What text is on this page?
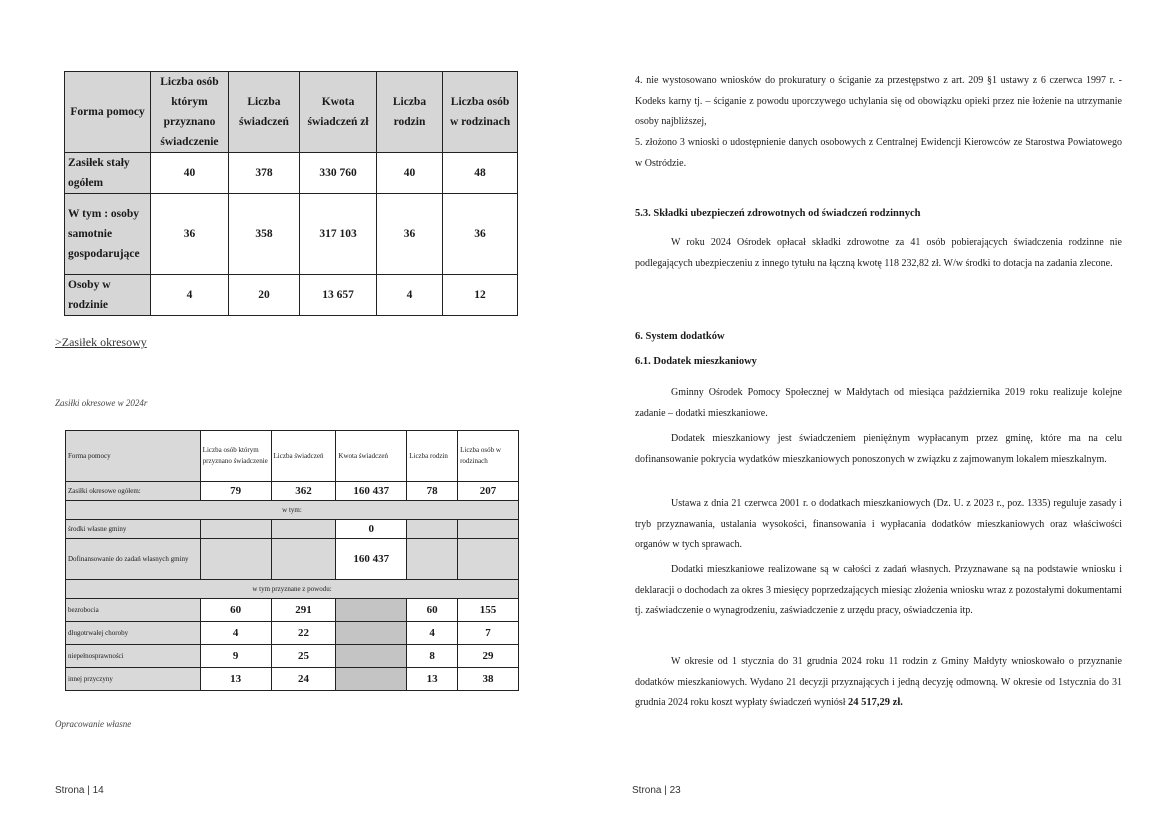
Forma pomocy	Liczba osób którym przyznano świadczenie	Liczba świadczeń	Kwota świadczeń zł	Liczba rodzin	Liczba osób w rodzinach
Zasiłek stały ogółem	40	378	330 760	40	48
W tym : osoby samotnie gospodarujące	36	358	317 103	36	36
Osoby w rodzinie	4	20	13 657	4	12
>Zasiłek okresowy
Zasiłki okresowe w 2024r
Forma pomocy	Liczba osób którym przyznano świadczenie	Liczba świadczeń	Kwota świadczeń	Liczba rodzin	Liczba osób w rodzinach
Zasiłki okresowe ogółem:	79	362	160 437	78	207
w tym:					
środki własne gminy			0		
Dofinansowanie do zadań własnych gminy			160 437		
w tym przyznane z powodu:					
bezrobocia	60	291		60	155
długotrwałej choroby	4	22		4	7
niepełnosprawności	9	25		8	29
innej przyczyny	13	24		13	38
Opracowanie własne
Strona | 14

4. nie wystosowano wniosków do prokuratury o ściganie za przestępstwo z art. 209 §1 ustawy z 6 czerwca 1997 r. - Kodeks karny tj. – ściganie z powodu uporczywego uchylania się od obowiązku opieki przez nie łożenie na utrzymanie osoby najbliższej,

5. złożono 3 wnioski o udostępnienie danych osobowych z Centralnej Ewidencji Kierowców ze Starostwa Powiatowego w Ostródzie.

5.3. Składki ubezpieczeń zdrowotnych od świadczeń rodzinnych

W roku 2024 Ośrodek opłacał składki zdrowotne za 41 osób pobierających świadczenia rodzinne nie podlegających ubezpieczeniu z innego tytułu na łączną kwotę 118 232,82 zł. W/w środki to dotacja na zadania zlecone.

6. System dodatków

6.1. Dodatek mieszkaniowy

Gminny Ośrodek Pomocy Społecznej w Małdytach od miesiąca października 2019 roku realizuje kolejne zadanie – dodatki mieszkaniowe.

Dodatek mieszkaniowy jest świadczeniem pieniężnym wypłacanym przez gminę, które ma na celu dofinansowanie pokrycia wydatków mieszkaniowych ponoszonych w związku z zajmowanym lokalem mieszkalnym.

Ustawa z dnia 21 czerwca 2001 r. o dodatkach mieszkaniowych (Dz. U. z 2023 r., poz. 1335) reguluje zasady i tryb przyznawania, ustalania wysokości, finansowania i wypłacania dodatków mieszkaniowych oraz właściwości organów w tych sprawach.

Dodatki mieszkaniowe realizowane są w całości z zadań własnych. Przyznawane są na podstawie wniosku i deklaracji o dochodach za okres 3 miesięcy poprzedzających miesiąc złożenia wniosku wraz z pozostałymi dokumentami tj. zaświadczenie o wynagrodzeniu, zaświadczenie z urzędu pracy, oświadczenia itp.

W okresie od 1 stycznia do 31 grudnia 2024 roku 11 rodzin z Gminy Małdyty wnioskowało o przyznanie dodatków mieszkaniowych. Wydano 21 decyzji przyznających i jedną decyzję odmowną. W okresie od 1stycznia do 31 grudnia 2024 roku koszt wypłaty świadczeń wyniósł 24 517,29 zł.

Strona | 23
